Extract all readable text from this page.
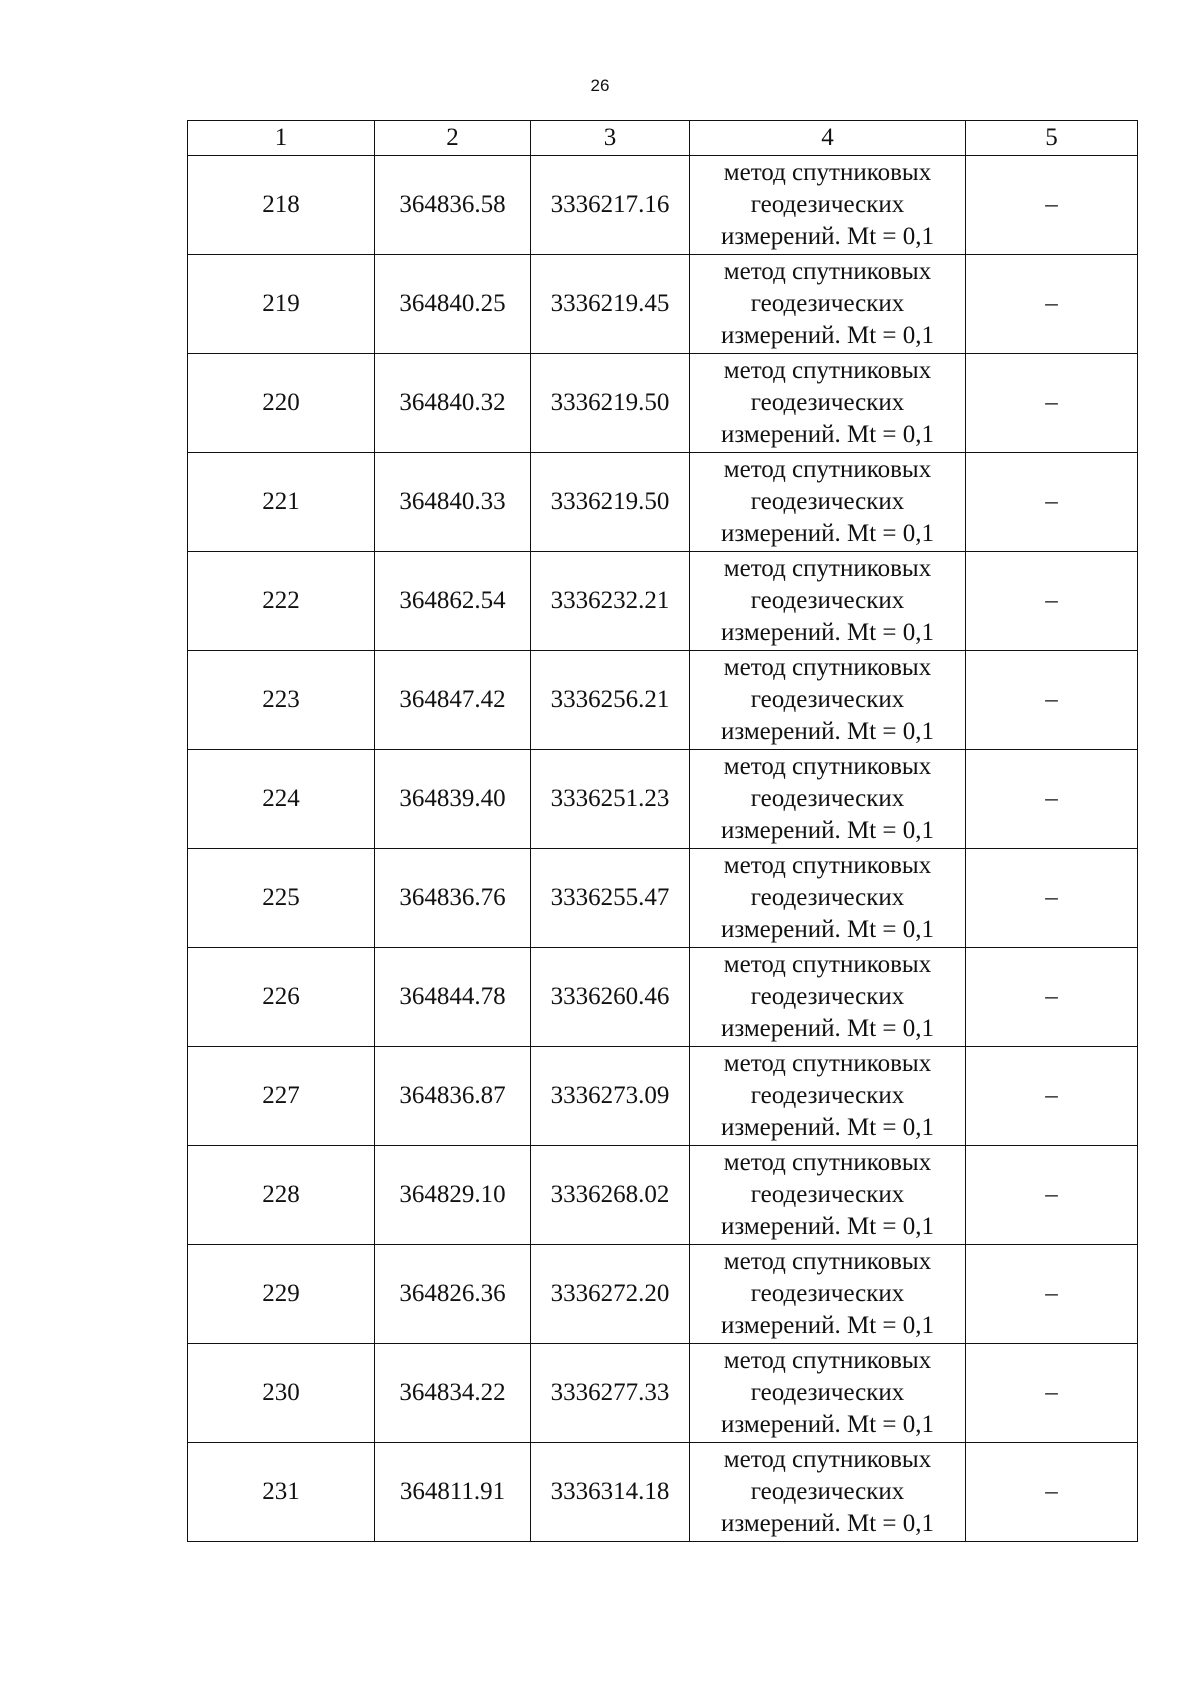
26
1	2	3	4	5
218	364836.58	3336217.16	метод спутниковых
геодезических
измерений. Mt = 0,1	–
219	364840.25	3336219.45	метод спутниковых
геодезических
измерений. Mt = 0,1	–
220	364840.32	3336219.50	метод спутниковых
геодезических
измерений. Mt = 0,1	–
221	364840.33	3336219.50	метод спутниковых
геодезических
измерений. Mt = 0,1	–
222	364862.54	3336232.21	метод спутниковых
геодезических
измерений. Mt = 0,1	–
223	364847.42	3336256.21	метод спутниковых
геодезических
измерений. Mt = 0,1	–
224	364839.40	3336251.23	метод спутниковых
геодезических
измерений. Mt = 0,1	–
225	364836.76	3336255.47	метод спутниковых
геодезических
измерений. Mt = 0,1	–
226	364844.78	3336260.46	метод спутниковых
геодезических
измерений. Mt = 0,1	–
227	364836.87	3336273.09	метод спутниковых
геодезических
измерений. Mt = 0,1	–
228	364829.10	3336268.02	метод спутниковых
геодезических
измерений. Mt = 0,1	–
229	364826.36	3336272.20	метод спутниковых
геодезических
измерений. Mt = 0,1	–
230	364834.22	3336277.33	метод спутниковых
геодезических
измерений. Mt = 0,1	–
231	364811.91	3336314.18	метод спутниковых
геодезических
измерений. Mt = 0,1	–
